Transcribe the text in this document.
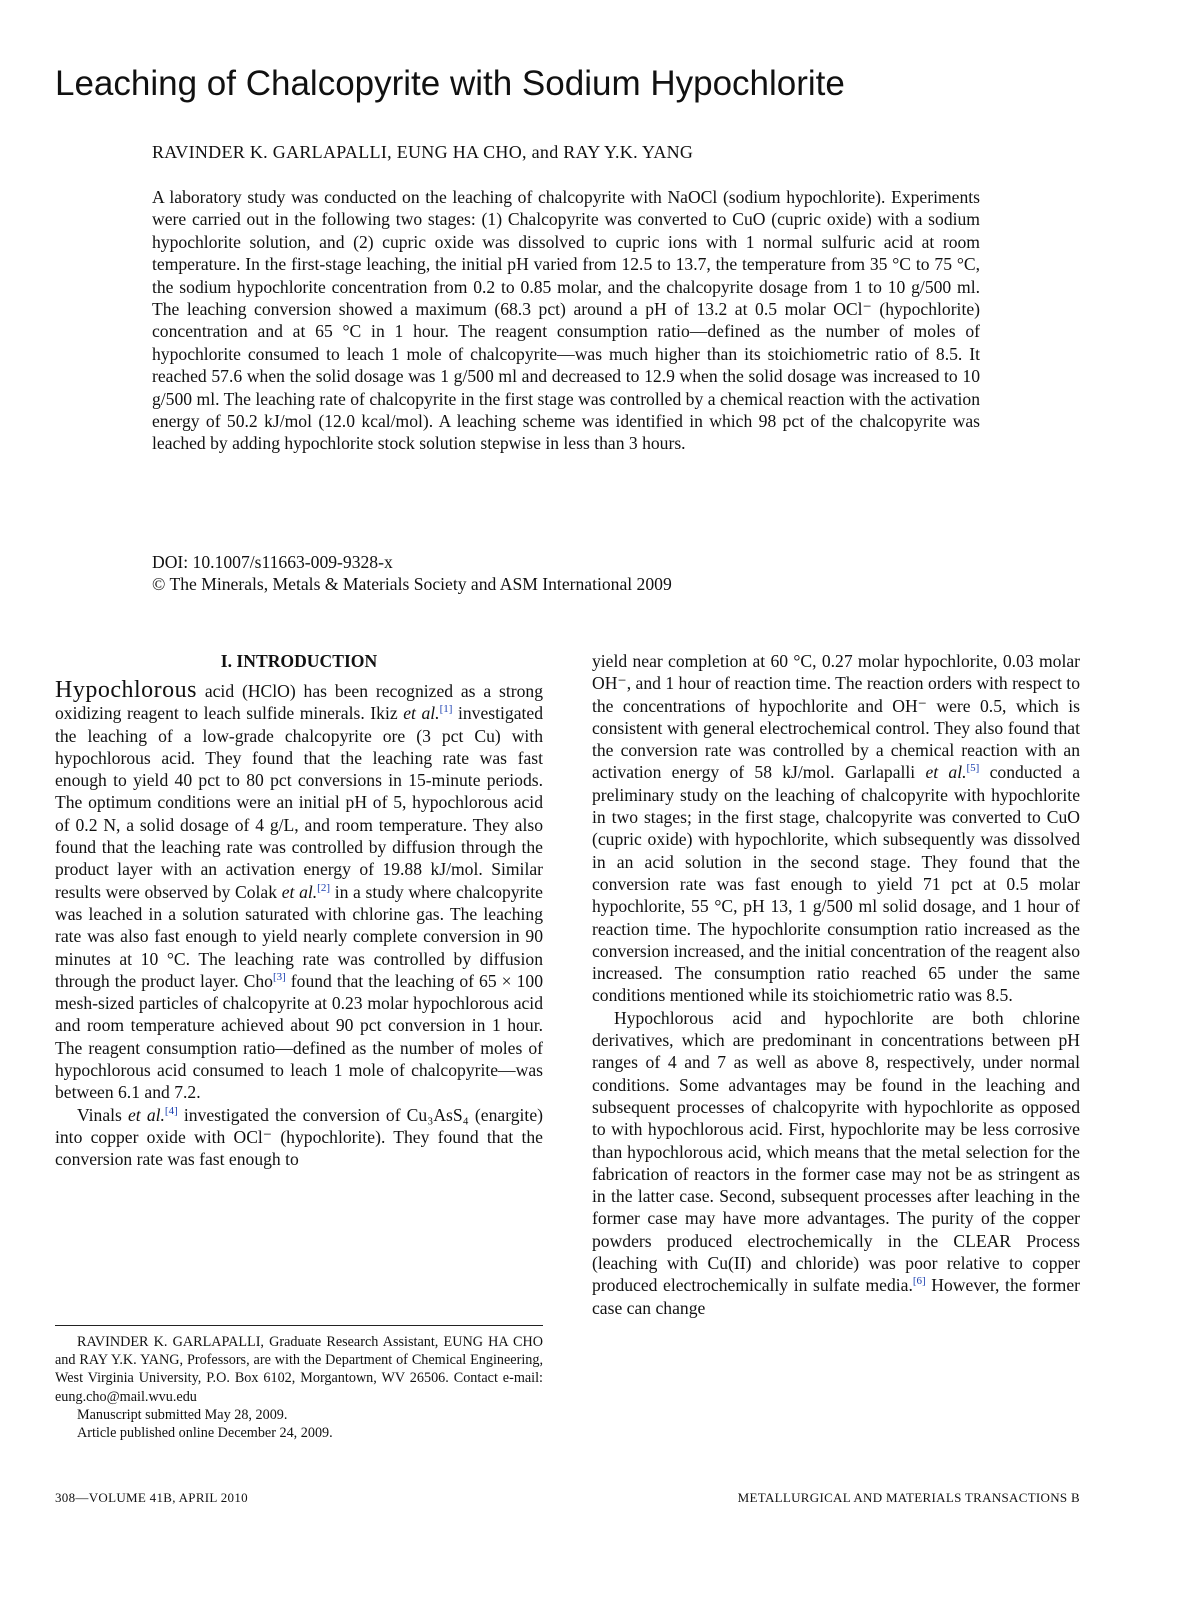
Leaching of Chalcopyrite with Sodium Hypochlorite
RAVINDER K. GARLAPALLI, EUNG HA CHO, and RAY Y.K. YANG

A laboratory study was conducted on the leaching of chalcopyrite with NaOCl (sodium hypochlorite). Experiments were carried out in the following two stages: (1) Chalcopyrite was converted to CuO (cupric oxide) with a sodium hypochlorite solution, and (2) cupric oxide was dissolved to cupric ions with 1 normal sulfuric acid at room temperature. In the first-stage leaching, the initial pH varied from 12.5 to 13.7, the temperature from 35 °C to 75 °C, the sodium hypochlorite concentration from 0.2 to 0.85 molar, and the chalcopyrite dosage from 1 to 10 g/500 ml. The leaching conversion showed a maximum (68.3 pct) around a pH of 13.2 at 0.5 molar OCl⁻ (hypochlorite) concentration and at 65 °C in 1 hour. The reagent consumption ratio—defined as the number of moles of hypochlorite consumed to leach 1 mole of chalcopyrite—was much higher than its stoichiometric ratio of 8.5. It reached 57.6 when the solid dosage was 1 g/500 ml and decreased to 12.9 when the solid dosage was increased to 10 g/500 ml. The leaching rate of chalcopyrite in the first stage was controlled by a chemical reaction with the activation energy of 50.2 kJ/mol (12.0 kcal/mol). A leaching scheme was identified in which 98 pct of the chalcopyrite was leached by adding hypochlorite stock solution stepwise in less than 3 hours.

DOI: 10.1007/s11663-009-9328-x
© The Minerals, Metals & Materials Society and ASM International 2009
I. INTRODUCTION

Hypochlorous acid (HClO) has been recognized as a strong oxidizing reagent to leach sulfide minerals. Ikiz et al.[1] investigated the leaching of a low-grade chalcopyrite ore (3 pct Cu) with hypochlorous acid. They found that the leaching rate was fast enough to yield 40 pct to 80 pct conversions in 15-minute periods. The optimum conditions were an initial pH of 5, hypochlorous acid of 0.2 N, a solid dosage of 4 g/L, and room temperature. They also found that the leaching rate was controlled by diffusion through the product layer with an activation energy of 19.88 kJ/mol. Similar results were observed by Colak et al.[2] in a study where chalcopyrite was leached in a solution saturated with chlorine gas. The leaching rate was also fast enough to yield nearly complete conversion in 90 minutes at 10 °C. The leaching rate was controlled by diffusion through the product layer. Cho[3] found that the leaching of 65 × 100 mesh-sized particles of chalcopyrite at 0.23 molar hypochlorous acid and room temperature achieved about 90 pct conversion in 1 hour. The reagent consumption ratio—defined as the number of moles of hypochlorous acid consumed to leach 1 mole of chalcopyrite—was between 6.1 and 7.2.

Vinals et al.[4] investigated the conversion of Cu₃AsS₄ (enargite) into copper oxide with OCl⁻ (hypochlorite). They found that the conversion rate was fast enough to

RAVINDER K. GARLAPALLI, Graduate Research Assistant, EUNG HA CHO and RAY Y.K. YANG, Professors, are with the Department of Chemical Engineering, West Virginia University, P.O. Box 6102, Morgantown, WV 26506. Contact e-mail: eung.cho@mail.wvu.edu

Manuscript submitted May 28, 2009.

Article published online December 24, 2009.

yield near completion at 60 °C, 0.27 molar hypochlorite, 0.03 molar OH⁻, and 1 hour of reaction time. The reaction orders with respect to the concentrations of hypochlorite and OH⁻ were 0.5, which is consistent with general electrochemical control. They also found that the conversion rate was controlled by a chemical reaction with an activation energy of 58 kJ/mol. Garlapalli et al.[5] conducted a preliminary study on the leaching of chalcopyrite with hypochlorite in two stages; in the first stage, chalcopyrite was converted to CuO (cupric oxide) with hypochlorite, which subsequently was dissolved in an acid solution in the second stage. They found that the conversion rate was fast enough to yield 71 pct at 0.5 molar hypochlorite, 55 °C, pH 13, 1 g/500 ml solid dosage, and 1 hour of reaction time. The hypochlorite consumption ratio increased as the conversion increased, and the initial concentration of the reagent also increased. The consumption ratio reached 65 under the same conditions mentioned while its stoichiometric ratio was 8.5.

Hypochlorous acid and hypochlorite are both chlorine derivatives, which are predominant in concentrations between pH ranges of 4 and 7 as well as above 8, respectively, under normal conditions. Some advantages may be found in the leaching and subsequent processes of chalcopyrite with hypochlorite as opposed to with hypochlorous acid. First, hypochlorite may be less corrosive than hypochlorous acid, which means that the metal selection for the fabrication of reactors in the former case may not be as stringent as in the latter case. Second, subsequent processes after leaching in the former case may have more advantages. The purity of the copper powders produced electrochemically in the CLEAR Process (leaching with Cu(II) and chloride) was poor relative to copper produced electrochemically in sulfate media.[6] However, the former case can change

308—VOLUME 41B, APRIL 2010	METALLURGICAL AND MATERIALS TRANSACTIONS B
